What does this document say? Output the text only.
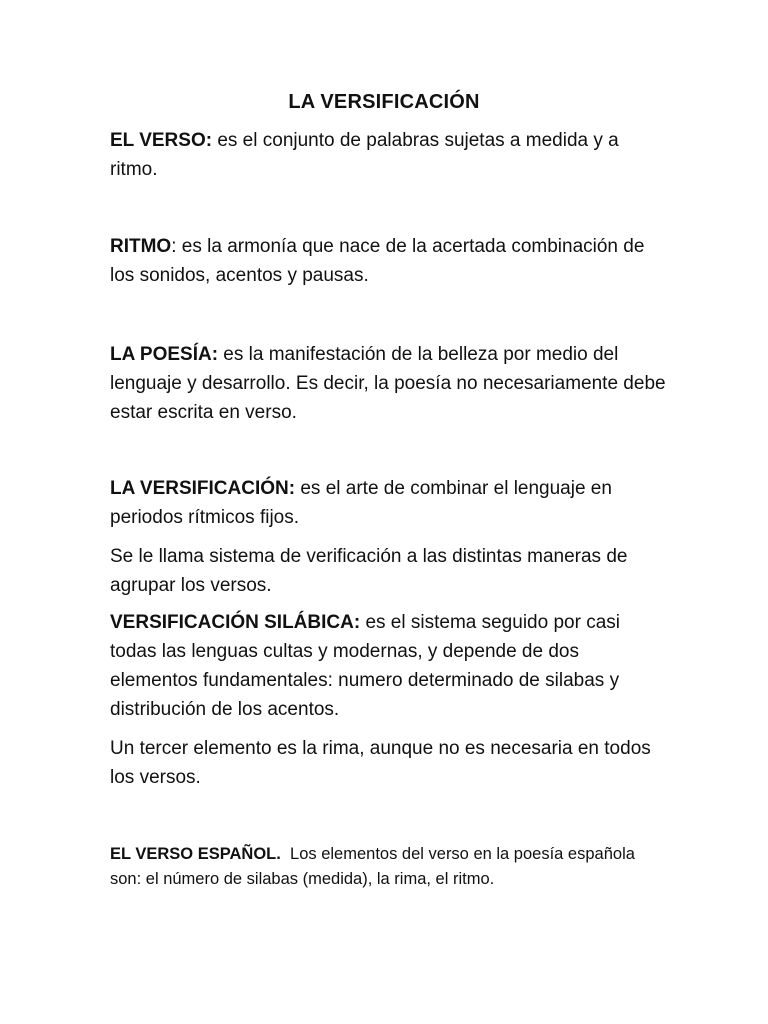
LA VERSIFICACIÓN

EL VERSO: es el conjunto de palabras sujetas a medida y a ritmo.

RITMO: es la armonía que nace de la acertada combinación de los sonidos, acentos y pausas.

LA POESÍA: es la manifestación de la belleza por medio del lenguaje y desarrollo. Es decir, la poesía no necesariamente debe estar escrita en verso.

LA VERSIFICACIÓN: es el arte de combinar el lenguaje en periodos rítmicos fijos.

Se le llama sistema de verificación a las distintas maneras de agrupar los versos.

VERSIFICACIÓN SILÁBICA: es el sistema seguido por casi todas las lenguas cultas y modernas, y depende de dos elementos fundamentales: numero determinado de silabas y distribución de los acentos.

Un tercer elemento es la rima, aunque no es necesaria en todos los versos.

EL VERSO ESPAÑOL.  Los elementos del verso en la poesía española son: el número de silabas (medida), la rima, el ritmo.
